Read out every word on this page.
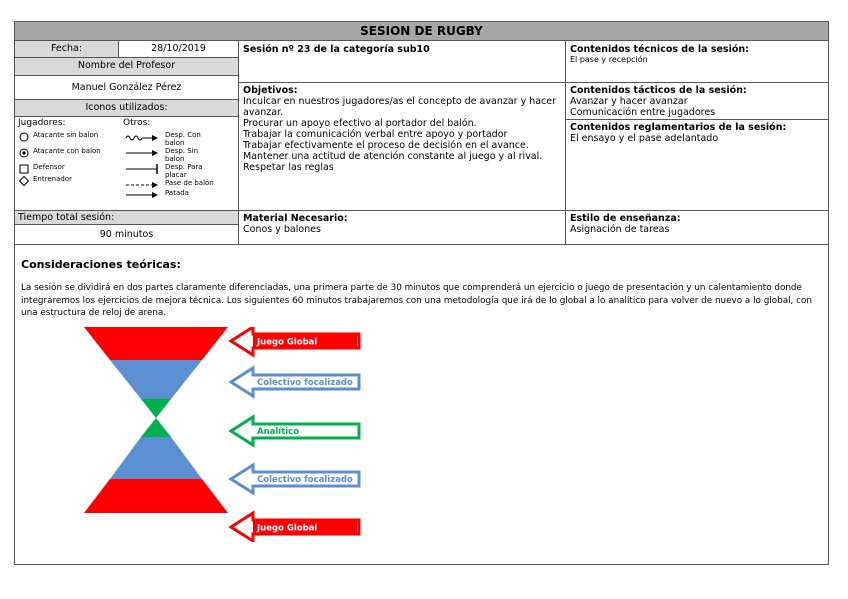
SESION DE RUGBY
Fecha:	28/10/2019
Nombre del Profesor
Manuel González Pérez
Iconos utilizados:
Jugadores:	Otros:
Atacante sin balon
Atacante con balon
Defensor
Entrenador
Desp. Con balon
Desp. Sin balon
Desp. Para placar
Pase de balón
Patada
Tiempo total sesión:
90 minutos
Sesión nº 23 de la categoría sub10
Objetivos:
Inculcar en nuestros jugadores/as el concepto de avanzar y hacer avanzar.
Procurar un apoyo efectivo al portador del balón.
Trabajar la comunicación verbal entre apoyo y portador
Trabajar efectivamente el proceso de decisión en el avance.
Mantener una actitud de atención constante al juego y al rival.
Respetar las reglas
Material Necesario:
Conos y balones
Contenidos técnicos de la sesión:
El pase y recepción
Contenidos tácticos de la sesión:
Avanzar y hacer avanzar
Comunicación entre jugadores
Contenidos reglamentarios de la sesión:
El ensayo y el pase adelantado
Estilo de enseñanza:
Asignación de tareas
Consideraciones teóricas:
La sesión se dividirá en dos partes claramente diferenciadas, una primera parte de 30 minutos que comprenderá un ejercicio o juego de presentación y un calentamiento donde integraremos los ejercicios de mejora técnica. Los siguientes 60 minutos trabajaremos con una metodología que irá de lo global a lo analítico para volver de nuevo a lo global, con una estructura de reloj de arena.
Juego Global
Colectivo focalizado
Analítico
Colectivo focalizado
Juego Global
